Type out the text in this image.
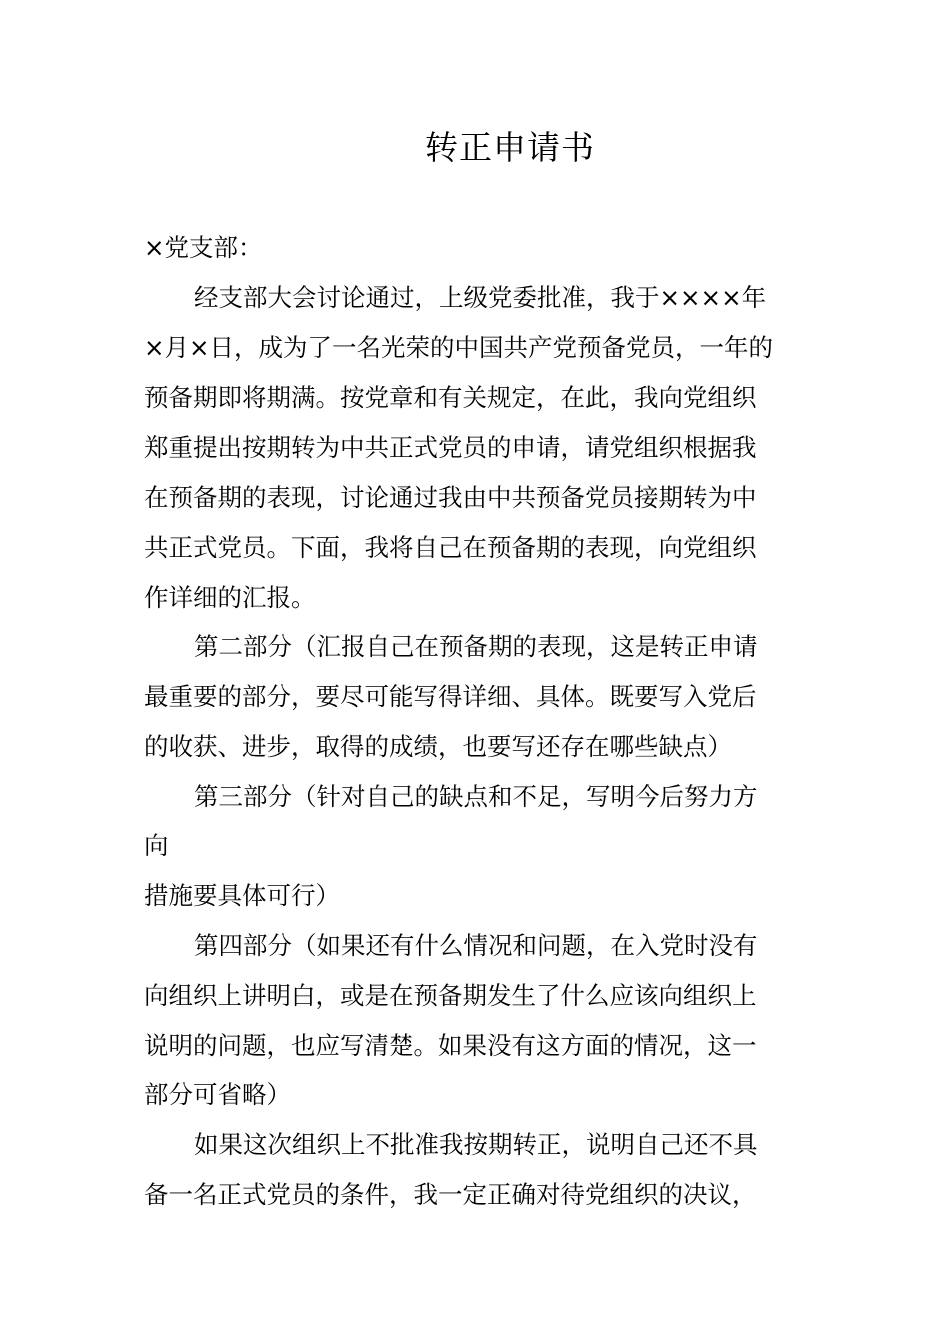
转正申请书
×党支部：
经支部大会讨论通过，上级党委批准，我于××××年
×月×日，成为了一名光荣的中国共产党预备党员，一年的
预备期即将期满。按党章和有关规定，在此，我向党组织
郑重提出按期转为中共正式党员的申请，请党组织根据我
在预备期的表现，讨论通过我由中共预备党员接期转为中
共正式党员。下面，我将自己在预备期的表现，向党组织
作详细的汇报。
第二部分（汇报自己在预备期的表现，这是转正申请
最重要的部分，要尽可能写得详细、具体。既要写入党后
的收获、进步，取得的成绩，也要写还存在哪些缺点）
第三部分（针对自己的缺点和不足，写明今后努力方
向
措施要具体可行）
第四部分（如果还有什么情况和问题，在入党时没有
向组织上讲明白，或是在预备期发生了什么应该向组织上
说明的问题，也应写清楚。如果没有这方面的情况，这一
部分可省略）
如果这次组织上不批准我按期转正，说明自己还不具
备一名正式党员的条件，我一定正确对待党组织的决议，
